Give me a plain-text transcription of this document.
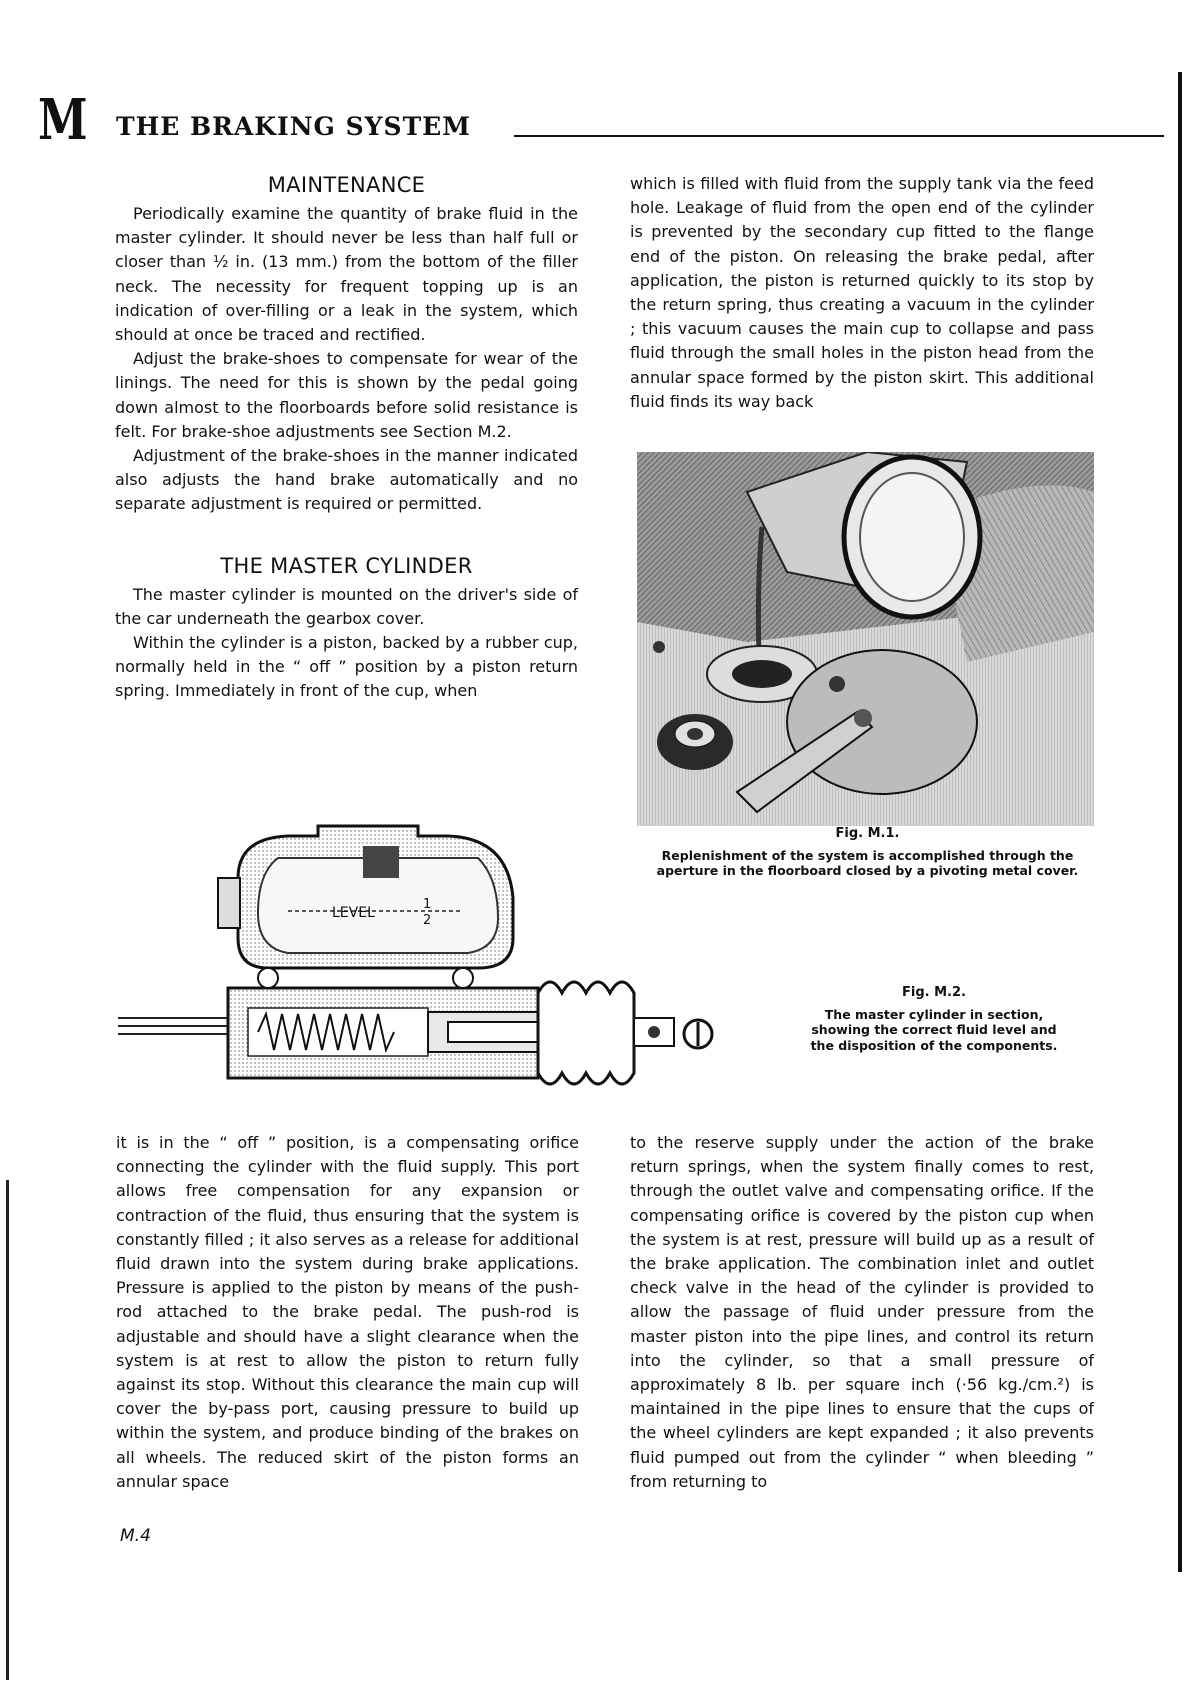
M THE BRAKING SYSTEM
MAINTENANCE

Periodically examine the quantity of brake fluid in the master cylinder. It should never be less than half full or closer than ½ in. (13 mm.) from the bottom of the filler neck. The necessity for frequent topping up is an indication of over-filling or a leak in the system, which should at once be traced and rectified.

Adjust the brake-shoes to compensate for wear of the linings. The need for this is shown by the pedal going down almost to the floorboards before solid resistance is felt. For brake-shoe adjustments see Section M.2.

Adjustment of the brake-shoes in the manner indicated also adjusts the hand brake automatically and no separate adjustment is required or permitted.

THE MASTER CYLINDER

The master cylinder is mounted on the driver's side of the car underneath the gearbox cover.

Within the cylinder is a piston, backed by a rubber cup, normally held in the “ off ” position by a piston return spring. Immediately in front of the cup, when

which is filled with fluid from the supply tank via the feed hole. Leakage of fluid from the open end of the cylinder is prevented by the secondary cup fitted to the flange end of the piston. On releasing the brake pedal, after application, the piston is returned quickly to its stop by the return spring, thus creating a vacuum in the cylinder ; this vacuum causes the main cup to collapse and pass fluid through the small holes in the piston head from the annular space formed by the piston skirt. This additional fluid finds its way back

Fig. M.1.
Replenishment of the system is accomplished through the aperture in the floorboard closed by a pivoting metal cover.
LEVEL
1
2
Fig. M.2.
The master cylinder in section, showing the correct fluid level and the disposition of the components.

it is in the “ off ” position, is a compensating orifice connecting the cylinder with the fluid supply. This port allows free compensation for any expansion or contraction of the fluid, thus ensuring that the system is constantly filled ; it also serves as a release for additional fluid drawn into the system during brake applications. Pressure is applied to the piston by means of the push-rod attached to the brake pedal. The push-rod is adjustable and should have a slight clearance when the system is at rest to allow the piston to return fully against its stop. Without this clearance the main cup will cover the by-pass port, causing pressure to build up within the system, and produce binding of the brakes on all wheels. The reduced skirt of the piston forms an annular space

to the reserve supply under the action of the brake return springs, when the system finally comes to rest, through the outlet valve and compensating orifice. If the compensating orifice is covered by the piston cup when the system is at rest, pressure will build up as a result of the brake application. The combination inlet and outlet check valve in the head of the cylinder is provided to allow the passage of fluid under pressure from the master piston into the pipe lines, and control its return into the cylinder, so that a small pressure of approximately 8 lb. per square inch (·56 kg./cm.²) is maintained in the pipe lines to ensure that the cups of the wheel cylinders are kept expanded ; it also prevents fluid pumped out from the cylinder “ when bleeding ” from returning to

M.4
